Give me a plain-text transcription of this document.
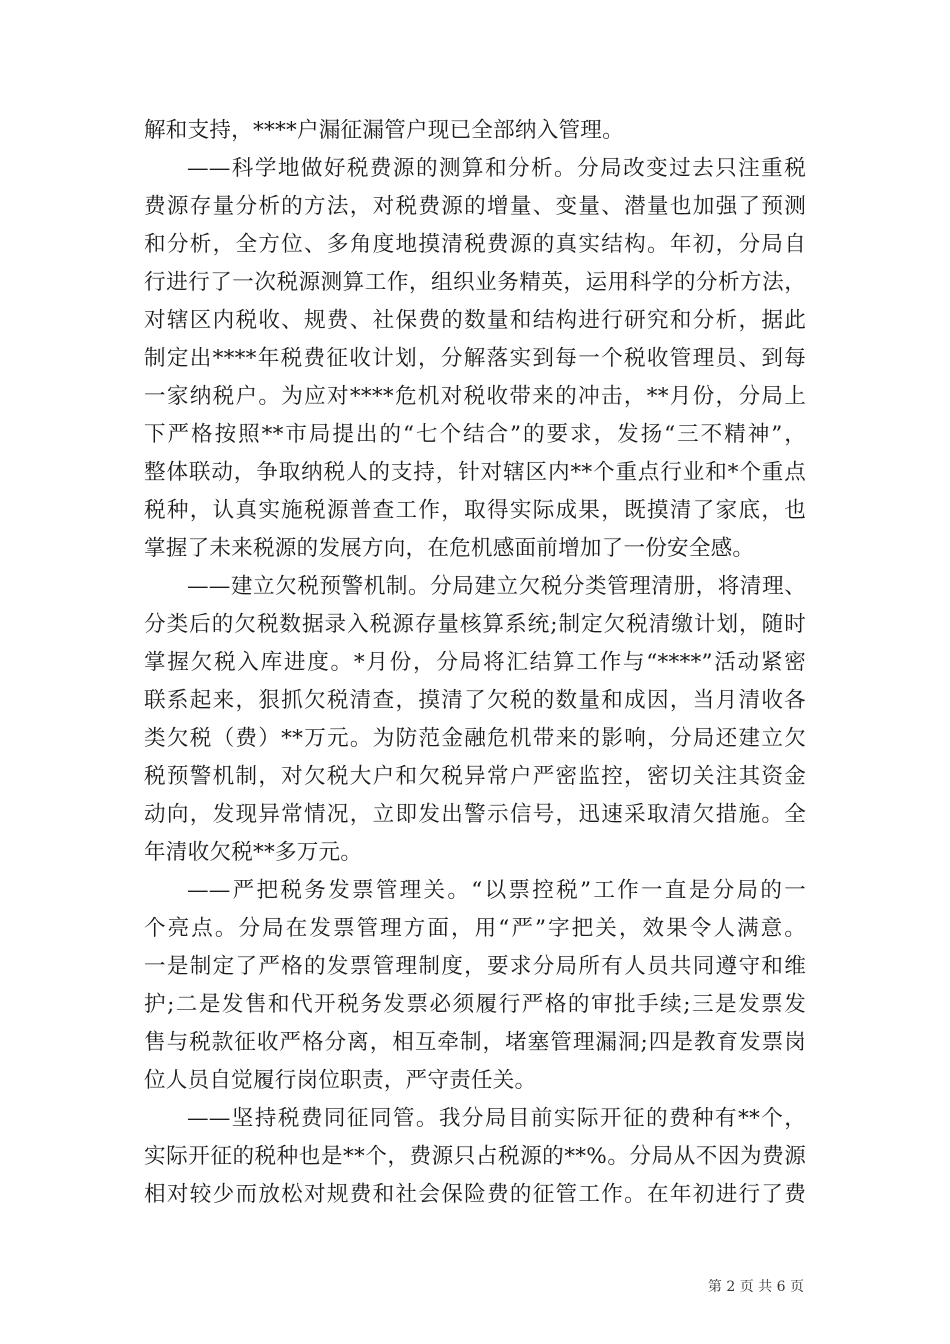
解和支持，****户漏征漏管户现已全部纳入管理。
——科学地做好税费源的测算和分析。分局改变过去只注重税
费源存量分析的方法，对税费源的增量、变量、潜量也加强了预测
和分析，全方位、多角度地摸清税费源的真实结构。年初，分局自
行进行了一次税源测算工作，组织业务精英，运用科学的分析方法，
对辖区内税收、规费、社保费的数量和结构进行研究和分析，据此
制定出****年税费征收计划，分解落实到每一个税收管理员、到每
一家纳税户。为应对****危机对税收带来的冲击，**月份，分局上
下严格按照**市局提出的“七个结合”的要求，发扬“三不精神”，
整体联动，争取纳税人的支持，针对辖区内**个重点行业和*个重点
税种，认真实施税源普查工作，取得实际成果，既摸清了家底，也
掌握了未来税源的发展方向，在危机感面前增加了一份安全感。
——建立欠税预警机制。分局建立欠税分类管理清册，将清理、
分类后的欠税数据录入税源存量核算系统;制定欠税清缴计划，随时
掌握欠税入库进度。*月份，分局将汇结算工作与“****”活动紧密
联系起来，狠抓欠税清查，摸清了欠税的数量和成因，当月清收各
类欠税（费）**万元。为防范金融危机带来的影响，分局还建立欠
税预警机制，对欠税大户和欠税异常户严密监控，密切关注其资金
动向，发现异常情况，立即发出警示信号，迅速采取清欠措施。全
年清收欠税**多万元。
——严把税务发票管理关。“以票控税”工作一直是分局的一
个亮点。分局在发票管理方面，用“严”字把关，效果令人满意。
一是制定了严格的发票管理制度，要求分局所有人员共同遵守和维
护;二是发售和代开税务发票必须履行严格的审批手续;三是发票发
售与税款征收严格分离，相互牵制，堵塞管理漏洞;四是教育发票岗
位人员自觉履行岗位职责，严守责任关。
——坚持税费同征同管。我分局目前实际开征的费种有**个，
实际开征的税种也是**个，费源只占税源的**%。分局从不因为费源
相对较少而放松对规费和社会保险费的征管工作。在年初进行了费
第 2 页 共 6 页
